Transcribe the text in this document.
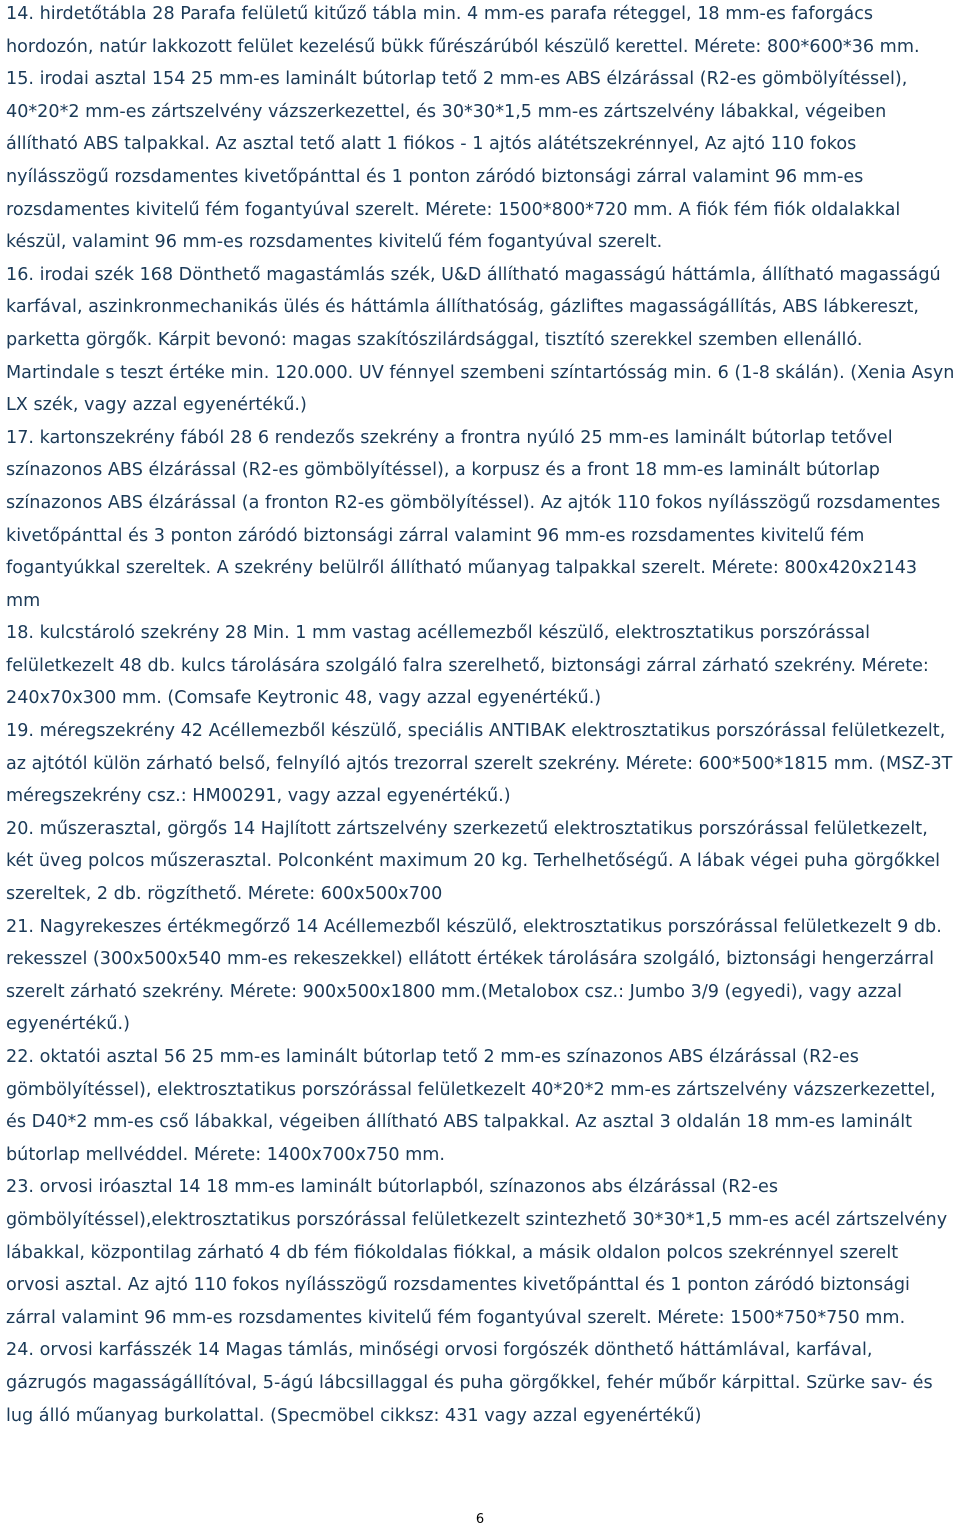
14. hirdetőtábla 28 Parafa felületű kitűző tábla min. 4 mm-es parafa réteggel, 18 mm-es faforgács hordozón, natúr lakkozott felület kezelésű bükk fűrészárúból készülő kerettel. Mérete: 800*600*36 mm.

15. irodai asztal 154 25 mm-es laminált bútorlap tető 2 mm-es ABS élzárással (R2-es gömbölyítéssel), 40*20*2 mm-es zártszelvény vázszerkezettel, és 30*30*1,5 mm-es zártszelvény lábakkal, végeiben állítható ABS talpakkal. Az asztal tető alatt 1 fiókos - 1 ajtós alátétszekrénnyel, Az ajtó 110 fokos nyílásszögű rozsdamentes kivetőpánttal és 1 ponton záródó biztonsági zárral valamint 96 mm-es rozsdamentes kivitelű fém fogantyúval szerelt. Mérete: 1500*800*720 mm. A fiók fém fiók oldalakkal készül, valamint 96 mm-es rozsdamentes kivitelű fém fogantyúval szerelt.

16. irodai szék 168 Dönthető magastámlás szék, U&D állítható magasságú háttámla, állítható magasságú karfával, aszinkronmechanikás ülés és háttámla állíthatóság, gázliftes magasságállítás, ABS lábkereszt, parketta görgők. Kárpit bevonó: magas szakítószilárdsággal, tisztító szerekkel szemben ellenálló. Martindale s teszt értéke min. 120.000. UV fénnyel szembeni színtartósság min. 6 (1-8 skálán). (Xenia Asyn LX szék, vagy azzal egyenértékű.)

17. kartonszekrény fából 28 6 rendezős szekrény a frontra nyúló 25 mm-es laminált bútorlap tetővel színazonos ABS élzárással (R2-es gömbölyítéssel), a korpusz és a front 18 mm-es laminált bútorlap színazonos ABS élzárással (a fronton R2-es gömbölyítéssel). Az ajtók 110 fokos nyílásszögű rozsdamentes kivetőpánttal és 3 ponton záródó biztonsági zárral valamint 96 mm-es rozsdamentes kivitelű fém fogantyúkkal szereltek. A szekrény belülről állítható műanyag talpakkal szerelt. Mérete: 800x420x2143 mm

18. kulcstároló szekrény 28 Min. 1 mm vastag acéllemezből készülő, elektrosztatikus porszórással felületkezelt 48 db. kulcs tárolására szolgáló falra szerelhető, biztonsági zárral zárható szekrény. Mérete: 240x70x300 mm. (Comsafe Keytronic 48, vagy azzal egyenértékű.)

19. méregszekrény 42 Acéllemezből készülő, speciális ANTIBAK elektrosztatikus porszórással felületkezelt, az ajtótól külön zárható belső, felnyíló ajtós trezorral szerelt szekrény. Mérete: 600*500*1815 mm. (MSZ-3T méregszekrény csz.: HM00291, vagy azzal egyenértékű.)

20. műszerasztal, görgős 14 Hajlított zártszelvény szerkezetű elektrosztatikus porszórással felületkezelt, két üveg polcos műszerasztal. Polconként maximum 20 kg. Terhelhetőségű. A lábak végei puha görgőkkel szereltek, 2 db. rögzíthető. Mérete: 600x500x700

21. Nagyrekeszes értékmegőrző 14 Acéllemezből készülő, elektrosztatikus porszórással felületkezelt 9 db. rekesszel (300x500x540 mm-es rekeszekkel) ellátott értékek tárolására szolgáló, biztonsági hengerzárral szerelt zárható szekrény. Mérete: 900x500x1800 mm.(Metalobox csz.: Jumbo 3/9 (egyedi), vagy azzal egyenértékű.)

22. oktatói asztal 56 25 mm-es laminált bútorlap tető 2 mm-es színazonos ABS élzárással (R2-es gömbölyítéssel), elektrosztatikus porszórással felületkezelt 40*20*2 mm-es zártszelvény vázszerkezettel, és D40*2 mm-es cső lábakkal, végeiben állítható ABS talpakkal. Az asztal 3 oldalán 18 mm-es laminált bútorlap mellvéddel. Mérete: 1400x700x750 mm.

23. orvosi iróasztal 14 18 mm-es laminált bútorlapból, színazonos abs élzárással (R2-es gömbölyítéssel),elektrosztatikus porszórással felületkezelt szintezhető 30*30*1,5 mm-es acél zártszelvény lábakkal, központilag zárható 4 db fém fiókoldalas fiókkal, a másik oldalon polcos szekrénnyel szerelt orvosi asztal. Az ajtó 110 fokos nyílásszögű rozsdamentes kivetőpánttal és 1 ponton záródó biztonsági zárral valamint 96 mm-es rozsdamentes kivitelű fém fogantyúval szerelt. Mérete: 1500*750*750 mm.

24. orvosi karfásszék 14 Magas támlás, minőségi orvosi forgószék dönthető háttámlával, karfával, gázrugós magasságállítóval, 5-ágú lábcsillaggal és puha görgőkkel, fehér műbőr kárpittal. Szürke sav- és lug álló műanyag burkolattal. (Specmöbel cikksz: 431 vagy azzal egyenértékű)

6
